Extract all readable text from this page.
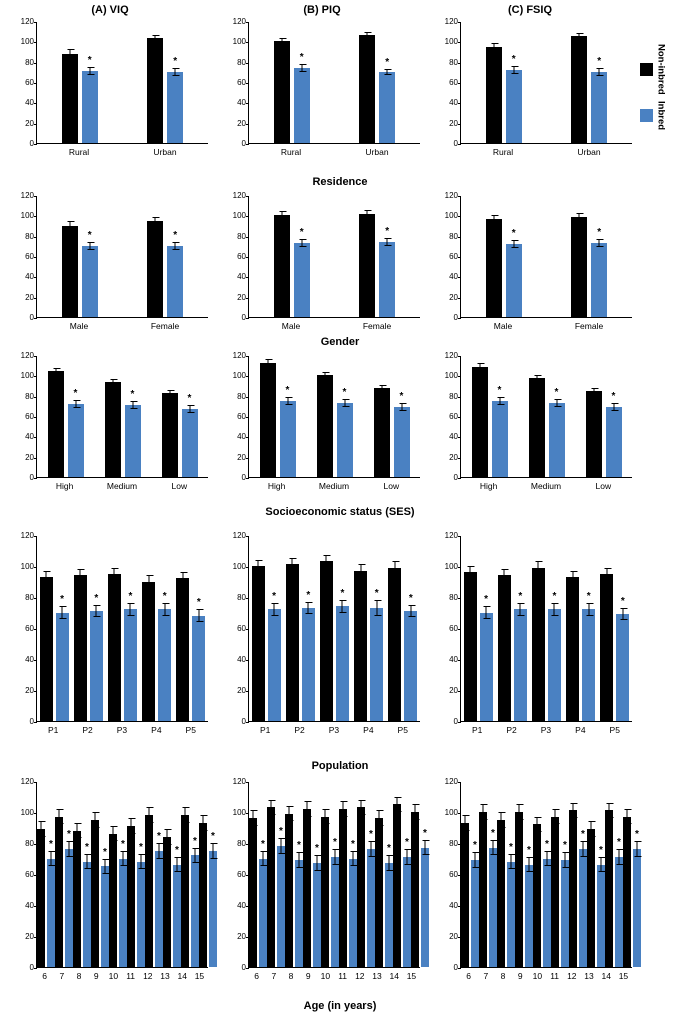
(A) VIQ	(B) PIQ	(C) FSIQ
Non-inbred
Inbred
Residence
Gender
Socioeconomic status (SES)
Population
Age (in years)
0
20
40
60
80
100
120
*	*
Rural	Urban
0
20
40
60
80
100
120
*	*
Rural	Urban
0
20
40
60
80
100
120
*	*
Rural	Urban
0
20
40
60
80
100
120
*	*
Male	Female
0
20
40
60
80
100
120
*	*
Male	Female
0
20
40
60
80
100
120
*	*
Male	Female
0
20
40
60
80
100
120
*	*	*
High	Medium	Low
0
20
40
60
80
100
120
*	*	*
High	Medium	Low
0
20
40
60
80
100
120
*	*	*
High	Medium	Low
0
20
40
60
80
100
120
*	*	*	*
*
P1	P2	P3	P4	P5
0
20
40
60
80
100
120
*	*	*	*	*
P1	P2	P3	P4	P5
0
20
40
60
80
100
120
*	*	*	*	*
P1	P2	P3	P4	P5
0
20
40
60
80
100
120
*
*
* *
* *
*
*
* *
6	7	8	9	10 11 12 13 14 15
0
20
40
60
80
100
120
*
*
* *
* *
*
*
*
*
6	7	8	9	10 11 12 13 14 15
0
20
40
60
80
100
120
*
*
* *
* *
*
*
*
*
6	7	8	9	10 11 12 13 14 15
